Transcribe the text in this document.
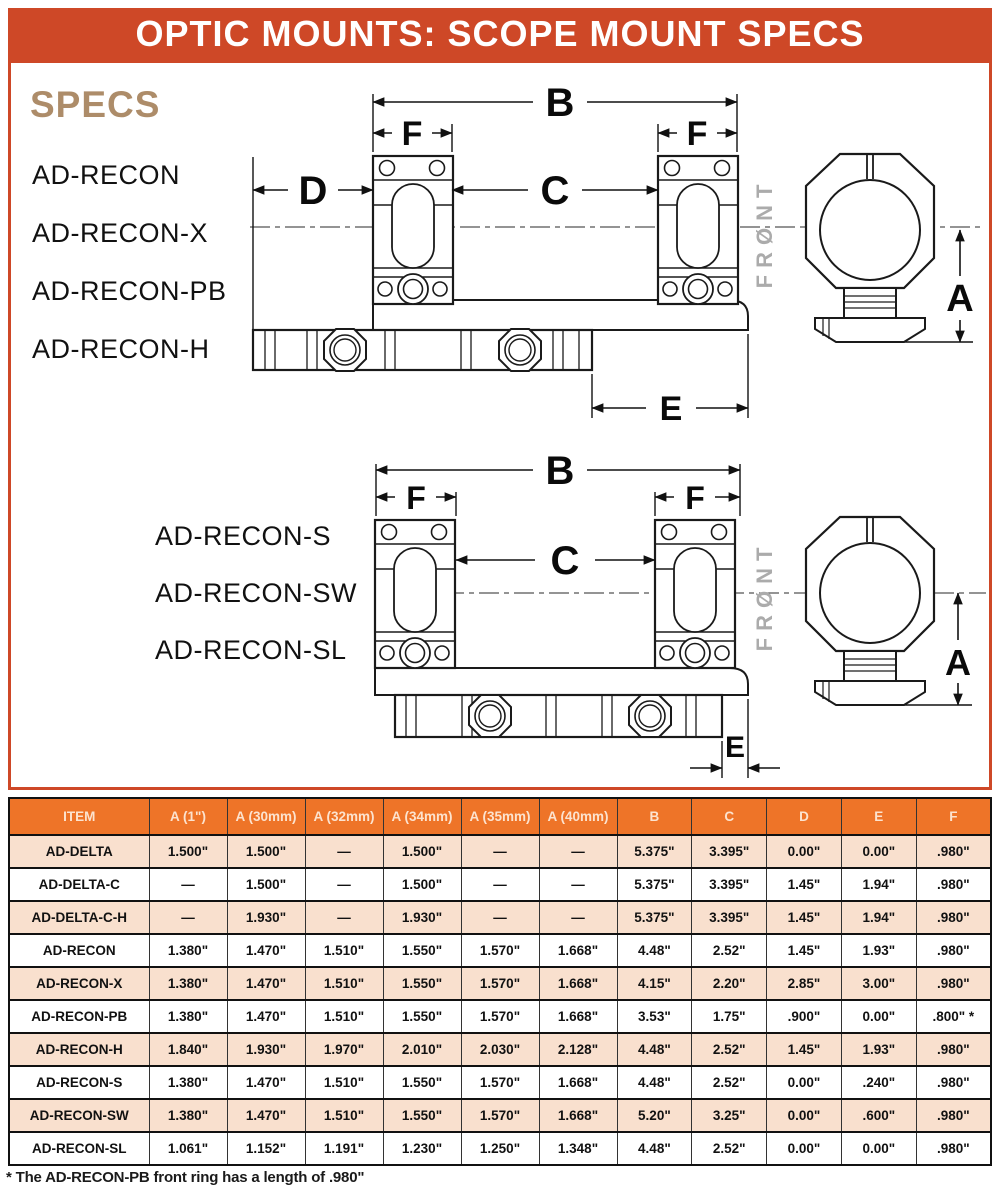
OPTIC MOUNTS: SCOPE MOUNT SPECS
SPECS
AD-RECON
AD-RECON-X
AD-RECON-PB
AD-RECON-H
AD-RECON-S
AD-RECON-SW
AD-RECON-SL
B
F	F
D	C
E
FRØNT
A
B
F	F
C
E
FRØNT
A
ITEM	A (1")	A (30mm)	A (32mm)	A (34mm)	A (35mm)	A (40mm)	B	C	D	E	F
AD-DELTA	1.500"	1.500"	—	1.500"	—	—	5.375"	3.395"	0.00"	0.00"	.980"
AD-DELTA-C	—	1.500"	—	1.500"	—	—	5.375"	3.395"	1.45"	1.94"	.980"
AD-DELTA-C-H	—	1.930"	—	1.930"	—	—	5.375"	3.395"	1.45"	1.94"	.980"
AD-RECON	1.380"	1.470"	1.510"	1.550"	1.570"	1.668"	4.48"	2.52"	1.45"	1.93"	.980"
AD-RECON-X	1.380"	1.470"	1.510"	1.550"	1.570"	1.668"	4.15"	2.20"	2.85"	3.00"	.980"
AD-RECON-PB	1.380"	1.470"	1.510"	1.550"	1.570"	1.668"	3.53"	1.75"	.900"	0.00"	.800" *
AD-RECON-H	1.840"	1.930"	1.970"	2.010"	2.030"	2.128"	4.48"	2.52"	1.45"	1.93"	.980"
AD-RECON-S	1.380"	1.470"	1.510"	1.550"	1.570"	1.668"	4.48"	2.52"	0.00"	.240"	.980"
AD-RECON-SW	1.380"	1.470"	1.510"	1.550"	1.570"	1.668"	5.20"	3.25"	0.00"	.600"	.980"
AD-RECON-SL	1.061"	1.152"	1.191"	1.230"	1.250"	1.348"	4.48"	2.52"	0.00"	0.00"	.980"
* The AD-RECON-PB front ring has a length of .980"
